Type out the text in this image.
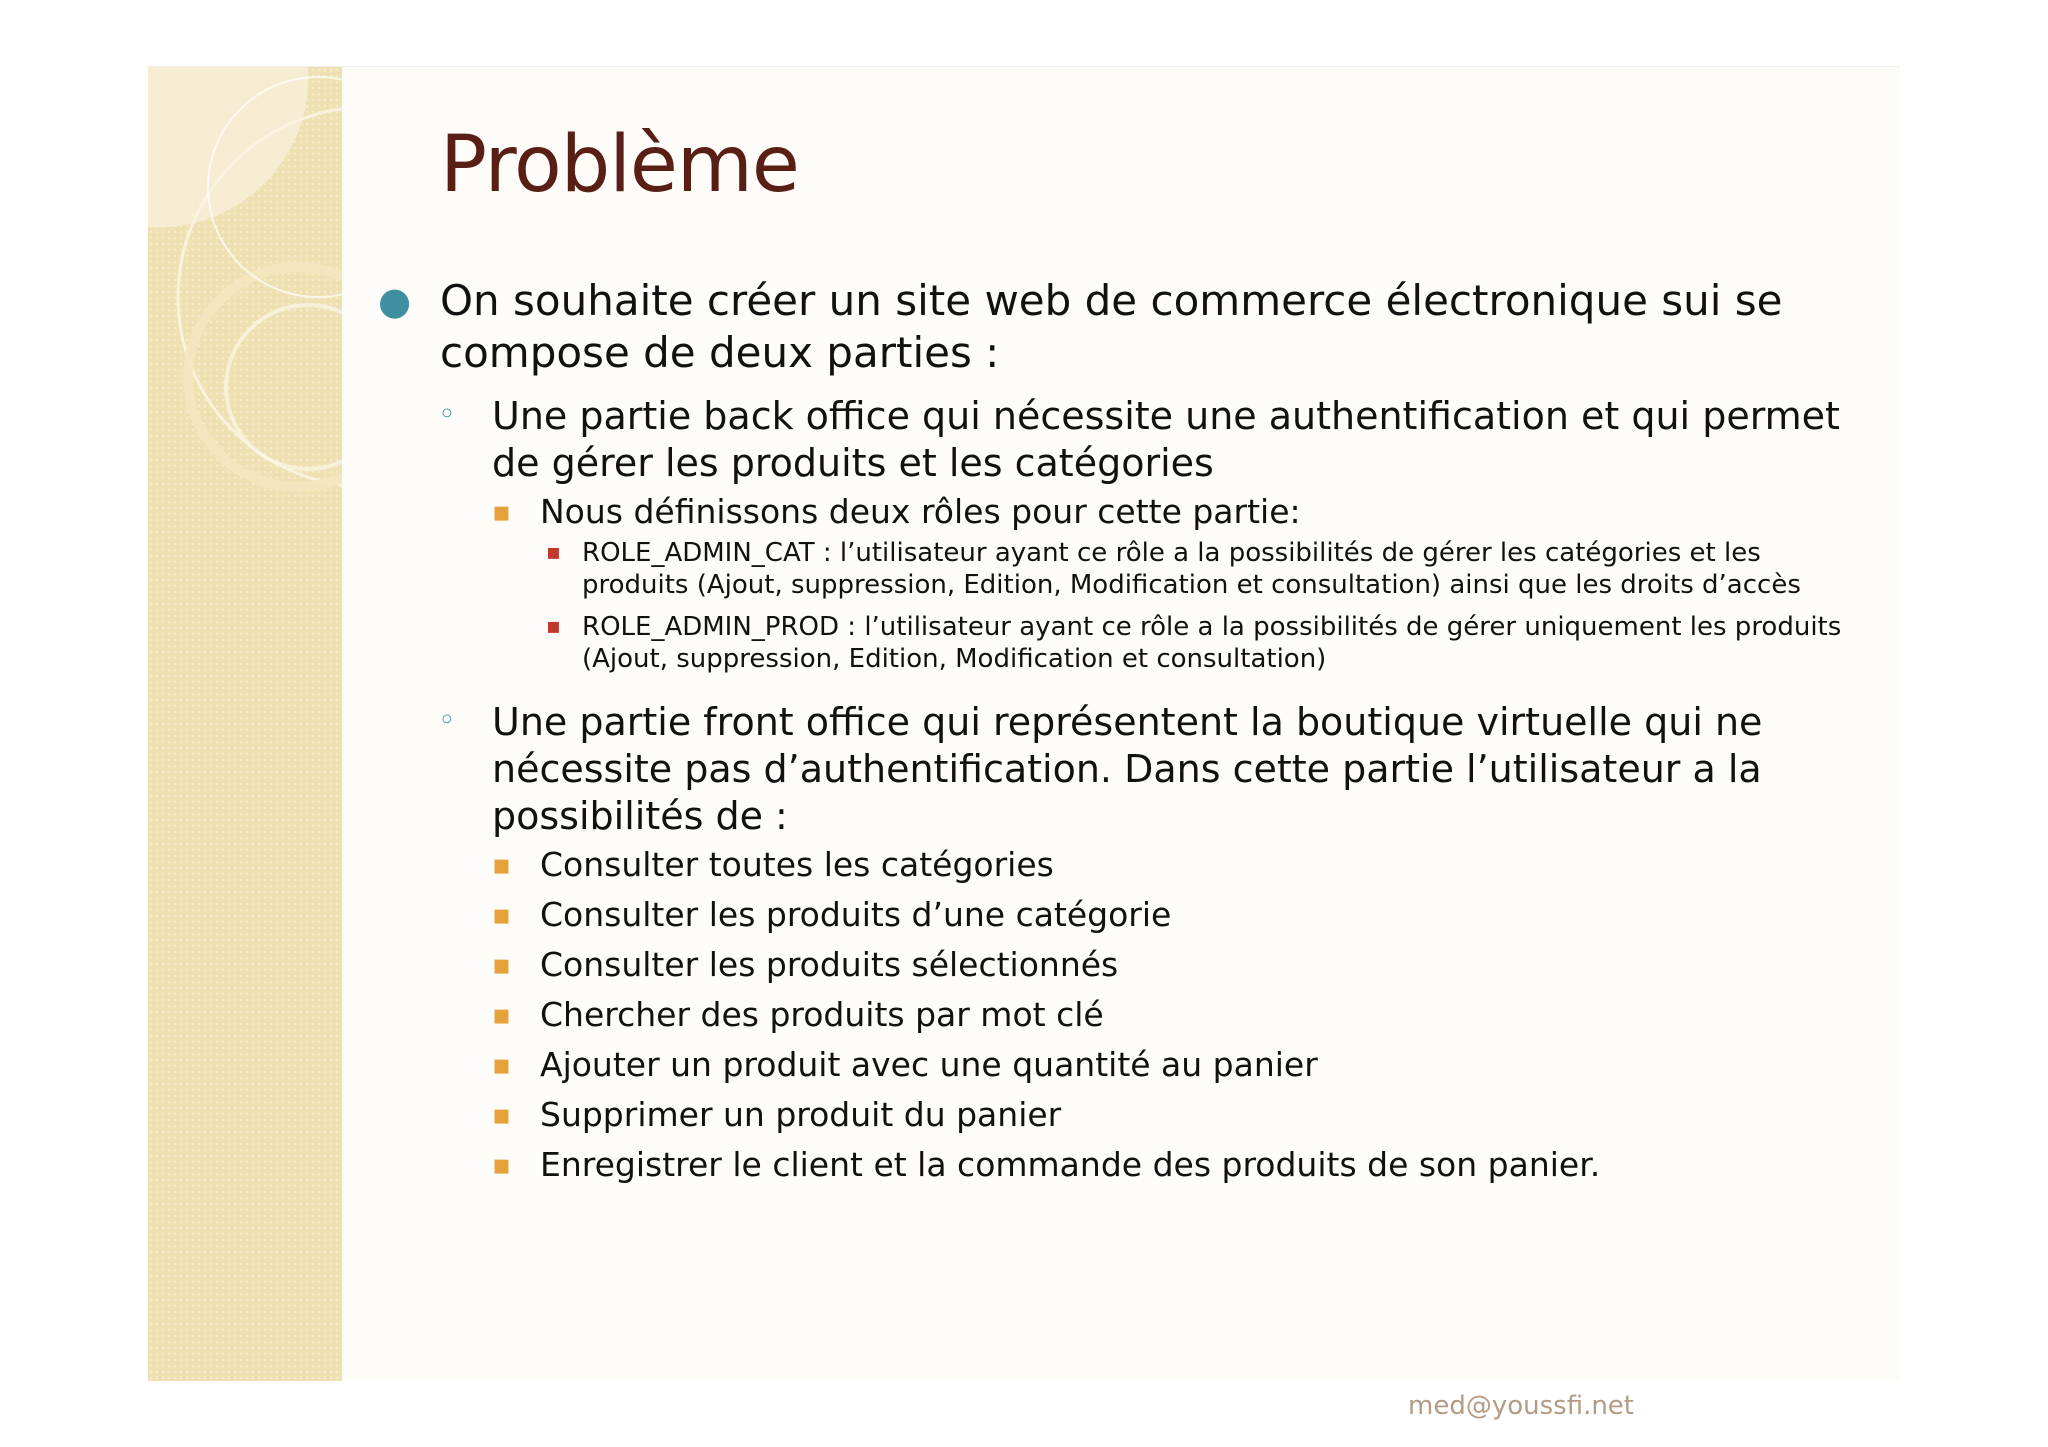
Problème
● On souhaite créer un site web de commerce électronique sui se compose de deux parties :
◦ Une partie back office qui nécessite une authentification et qui permet de gérer les produits et les catégories
▪ Nous définissons deux rôles pour cette partie:
▪ ROLE_ADMIN_CAT : l’utilisateur ayant ce rôle a la possibilités de gérer les catégories et les produits (Ajout, suppression, Edition, Modification et consultation) ainsi que les droits d’accès
▪ ROLE_ADMIN_PROD : l’utilisateur ayant ce rôle a la possibilités de gérer uniquement les produits (Ajout, suppression, Edition, Modification et consultation)
◦ Une partie front office qui représentent la boutique virtuelle qui ne nécessite pas d’authentification. Dans cette partie l’utilisateur a la possibilités de :
▪ Consulter toutes les catégories
▪ Consulter les produits d’une catégorie
▪ Consulter les produits sélectionnés
▪ Chercher des produits par mot clé
▪ Ajouter un produit avec une quantité au panier
▪ Supprimer un produit du panier
▪ Enregistrer le client et la commande des produits de son panier.
med@youssfi.net
